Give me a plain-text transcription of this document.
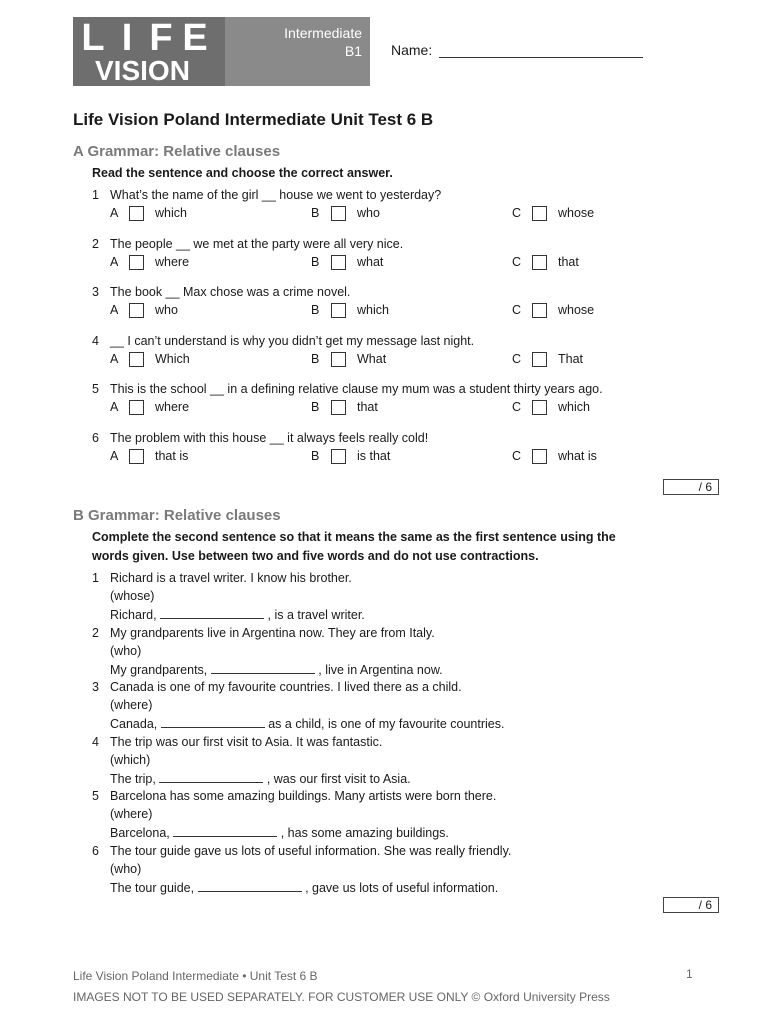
L I F E
VISION
Intermediate
B1 Name:
Life Vision Poland Intermediate Unit Test 6 B
A Grammar: Relative clauses
Read the sentence and choose the correct answer.
1 What’s the name of the girl __ house we went to yesterday?
A	which	B	who	C	whose
2 The people __ we met at the party were all very nice.
A	where	B	what	C	that
3 The book __ Max chose was a crime novel.
A	who	B	which	C	whose
4 __ I can’t understand is why you didn’t get my message last night.
A	Which	B	What	C	That
5 This is the school __ in a defining relative clause my mum was a student thirty years ago.
A	where	B	that	C	which
6 The problem with this house __ it always feels really cold!
A	that is	B	is that	C	what is
/ 6
B Grammar: Relative clauses
Complete the second sentence so that it means the same as the first sentence using the
words given. Use between two and five words and do not use contractions.
1 Richard is a travel writer. I know his brother.
(whose)
Richard,	, is a travel writer.
2 My grandparents live in Argentina now. They are from Italy.
(who)
My grandparents,	, live in Argentina now.
3 Canada is one of my favourite countries. I lived there as a child.
(where)
Canada,	as a child, is one of my favourite countries.
4 The trip was our first visit to Asia. It was fantastic.
(which)
The trip,	, was our first visit to Asia.
5 Barcelona has some amazing buildings. Many artists were born there.
(where)
Barcelona,	, has some amazing buildings.
6 The tour guide gave us lots of useful information. She was really friendly.
(who)
The tour guide,	, gave us lots of useful information.
/ 6
Life Vision Poland Intermediate • Unit Test 6 B	1
IMAGES NOT TO BE USED SEPARATELY. FOR CUSTOMER USE ONLY © Oxford University Press
